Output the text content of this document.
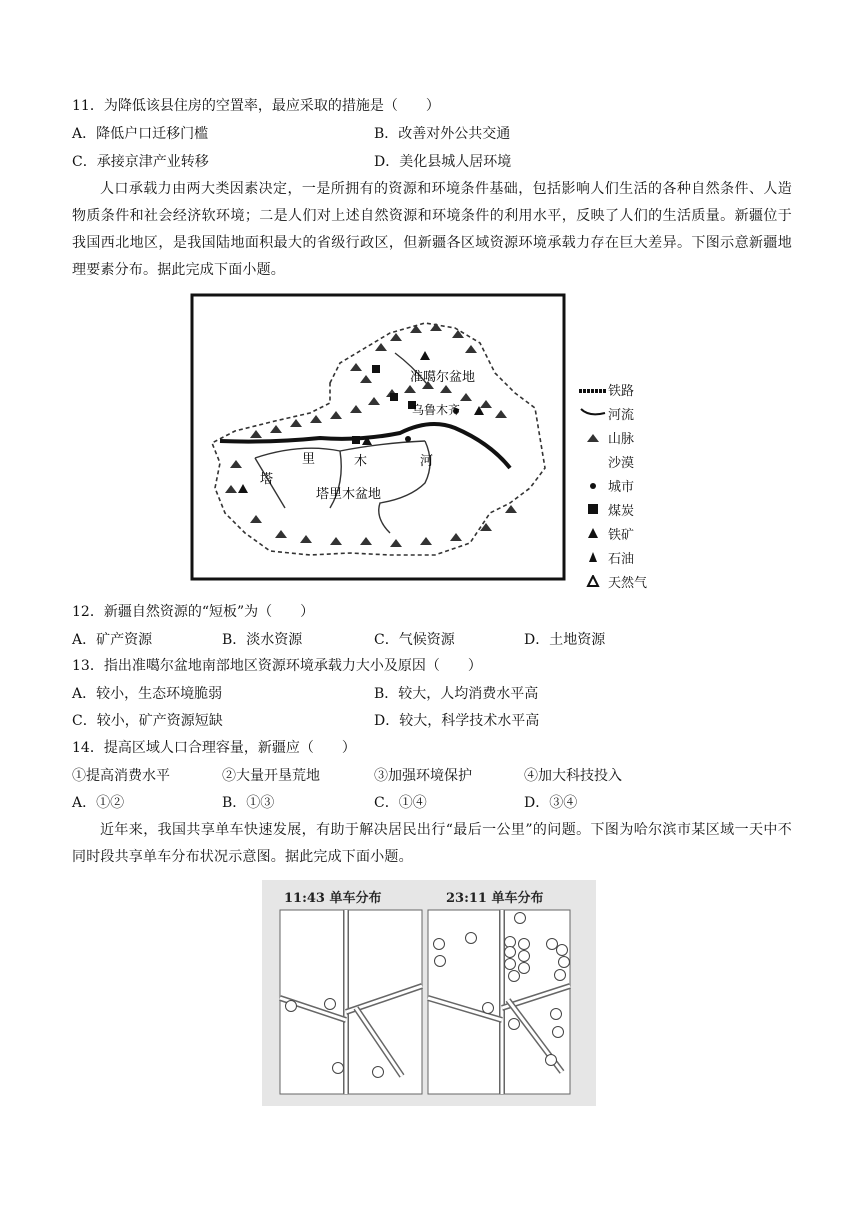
11．为降低该县住房的空置率，最应采取的措施是（　　）
A．降低户口迁移门槛	B．改善对外公共交通
C．承接京津产业转移	D．美化县城人居环境
人口承载力由两大类因素决定，一是所拥有的资源和环境条件基础，包括影响人们生活的各种自然条件、人造物质条件和社会经济软环境；二是人们对上述自然资源和环境条件的利用水平，反映了人们的生活质量。新疆位于我国西北地区，是我国陆地面积最大的省级行政区，但新疆各区域资源环境承载力存在巨大差异。下图示意新疆地理要素分布。据此完成下面小题。
准噶尔盆地
乌鲁木齐
塔
里	木	河
塔里木盆地
铁路
河流
山脉
沙漠
城市
煤炭
铁矿
石油
天然气
12．新疆自然资源的“短板”为（　　）
A．矿产资源	B．淡水资源	C．气候资源	D．土地资源
13．指出准噶尔盆地南部地区资源环境承载力大小及原因（　　）
A．较小，生态环境脆弱	B．较大，人均消费水平高
C．较小，矿产资源短缺	D．较大，科学技术水平高
14．提高区域人口合理容量，新疆应（　　）
①提高消费水平	②大量开垦荒地	③加强环境保护	④加大科技投入
A．①②	B．①③	C．①④	D．③④
近年来，我国共享单车快速发展，有助于解决居民出行“最后一公里”的问题。下图为哈尔滨市某区域一天中不同时段共享单车分布状况示意图。据此完成下面小题。
11:43 单车分布	23:11 单车分布
